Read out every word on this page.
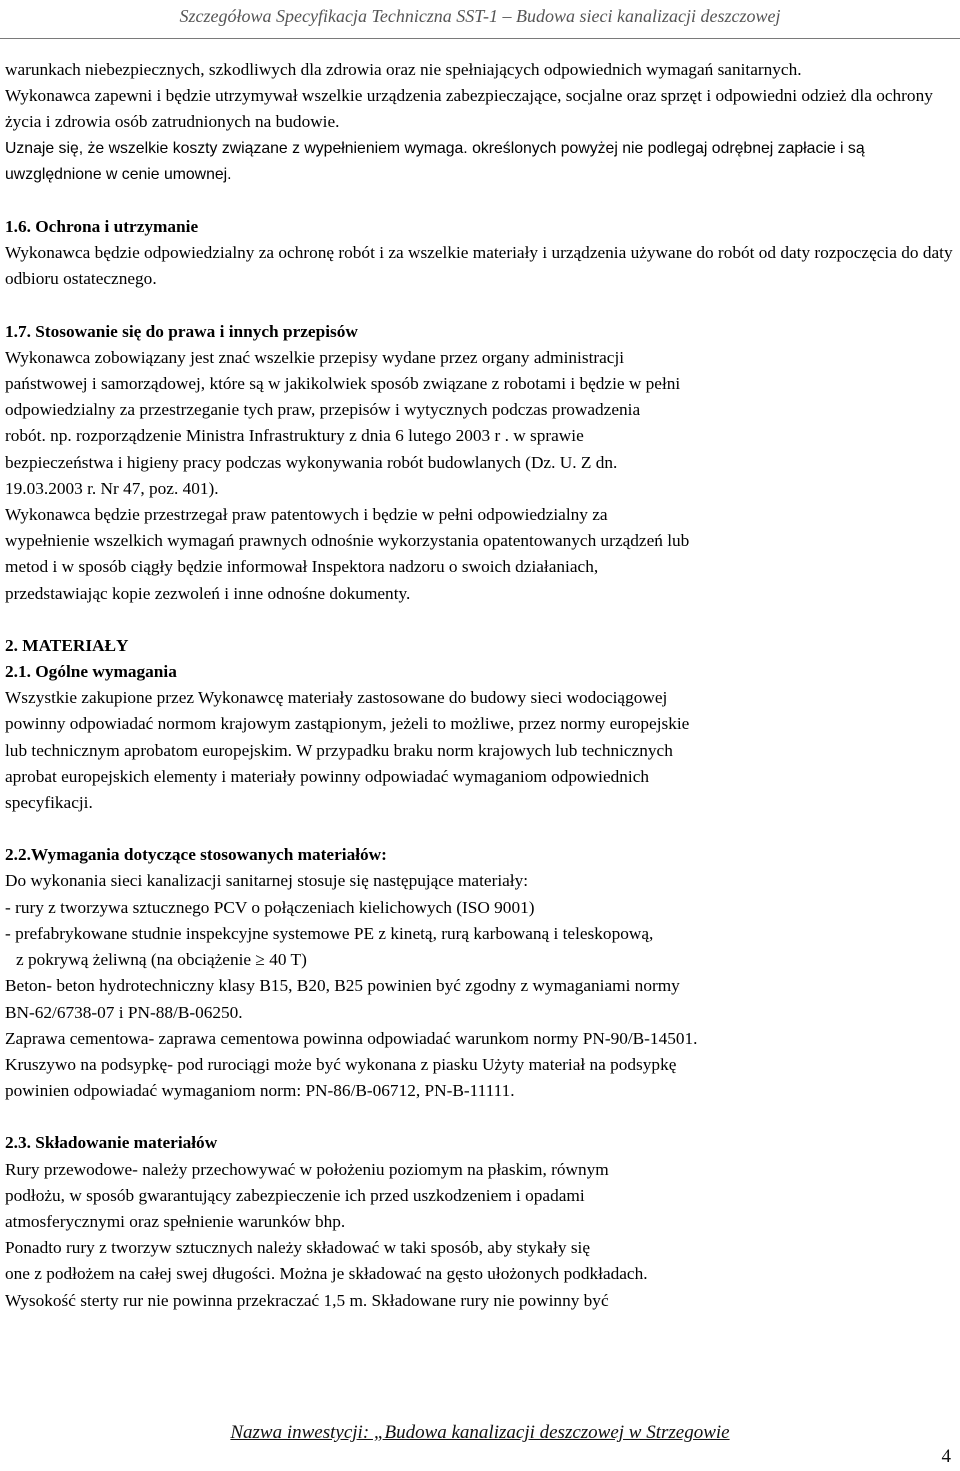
Szczegółowa Specyfikacja Techniczna SST-1 – Budowa sieci kanalizacji deszczowej

warunkach niebezpiecznych, szkodliwych dla zdrowia oraz nie spełniających odpowiednich wymagań sanitarnych.

Wykonawca zapewni i będzie utrzymywał wszelkie urządzenia zabezpieczające, socjalne oraz sprzęt i odpowiedni odzież dla ochrony życia i zdrowia osób zatrudnionych na budowie.

Uznaje się, że wszelkie koszty związane z wypełnieniem wymaga. określonych powyżej nie podlegaj odrębnej zapłacie i są uwzględnione w cenie umownej.

1.6. Ochrona i utrzymanie

Wykonawca będzie odpowiedzialny za ochronę robót i za wszelkie materiały i urządzenia używane do robót od daty rozpoczęcia do daty odbioru ostatecznego.

1.7. Stosowanie się do prawa i innych przepisów

Wykonawca zobowiązany jest znać wszelkie przepisy wydane przez organy administracji

państwowej i samorządowej, które są w jakikolwiek sposób związane z robotami i będzie w pełni

odpowiedzialny za przestrzeganie tych praw, przepisów i wytycznych podczas prowadzenia

robót. np. rozporządzenie Ministra Infrastruktury z dnia 6 lutego 2003 r . w sprawie

bezpieczeństwa i higieny pracy podczas wykonywania robót budowlanych (Dz. U. Z dn.

19.03.2003 r. Nr 47, poz. 401).

Wykonawca będzie przestrzegał praw patentowych i będzie w pełni odpowiedzialny za

wypełnienie wszelkich wymagań prawnych odnośnie wykorzystania opatentowanych urządzeń lub

metod i w sposób ciągły będzie informował Inspektora nadzoru o swoich działaniach,

przedstawiając kopie zezwoleń i inne odnośne dokumenty.

2. MATERIAŁY

2.1. Ogólne wymagania

Wszystkie zakupione przez Wykonawcę materiały zastosowane do budowy sieci wodociągowej

powinny odpowiadać normom krajowym zastąpionym, jeżeli to możliwe, przez normy europejskie

lub technicznym aprobatom europejskim. W przypadku braku norm krajowych lub technicznych

aprobat europejskich elementy i materiały powinny odpowiadać wymaganiom odpowiednich

specyfikacji.

2.2.Wymagania dotyczące stosowanych materiałów:

Do wykonania sieci kanalizacji sanitarnej stosuje się następujące materiały:

- rury z tworzywa sztucznego PCV o połączeniach kielichowych (ISO 9001)

- prefabrykowane studnie inspekcyjne systemowe PE z kinetą, rurą karbowaną i teleskopową,

z pokrywą żeliwną (na obciążenie ≥ 40 T)

Beton- beton hydrotechniczny klasy B15, B20, B25 powinien być zgodny z wymaganiami normy

BN-62/6738-07 i PN-88/B-06250.

Zaprawa cementowa- zaprawa cementowa powinna odpowiadać warunkom normy PN-90/B-14501.

Kruszywo na podsypkę- pod rurociągi może być wykonana z piasku Użyty materiał na podsypkę

powinien odpowiadać wymaganiom norm: PN-86/B-06712, PN-B-11111.

2.3. Składowanie materiałów

Rury przewodowe- należy przechowywać w położeniu poziomym na płaskim, równym

podłożu, w sposób gwarantujący zabezpieczenie ich przed uszkodzeniem i opadami

atmosferycznymi oraz spełnienie warunków bhp.

Ponadto rury z tworzyw sztucznych należy składować w taki sposób, aby stykały się

one z podłożem na całej swej długości. Można je składować na gęsto ułożonych podkładach.

Wysokość sterty rur nie powinna przekraczać 1,5 m. Składowane rury nie powinny być

Nazwa inwestycji: „Budowa kanalizacji deszczowej w Strzegowie
4
